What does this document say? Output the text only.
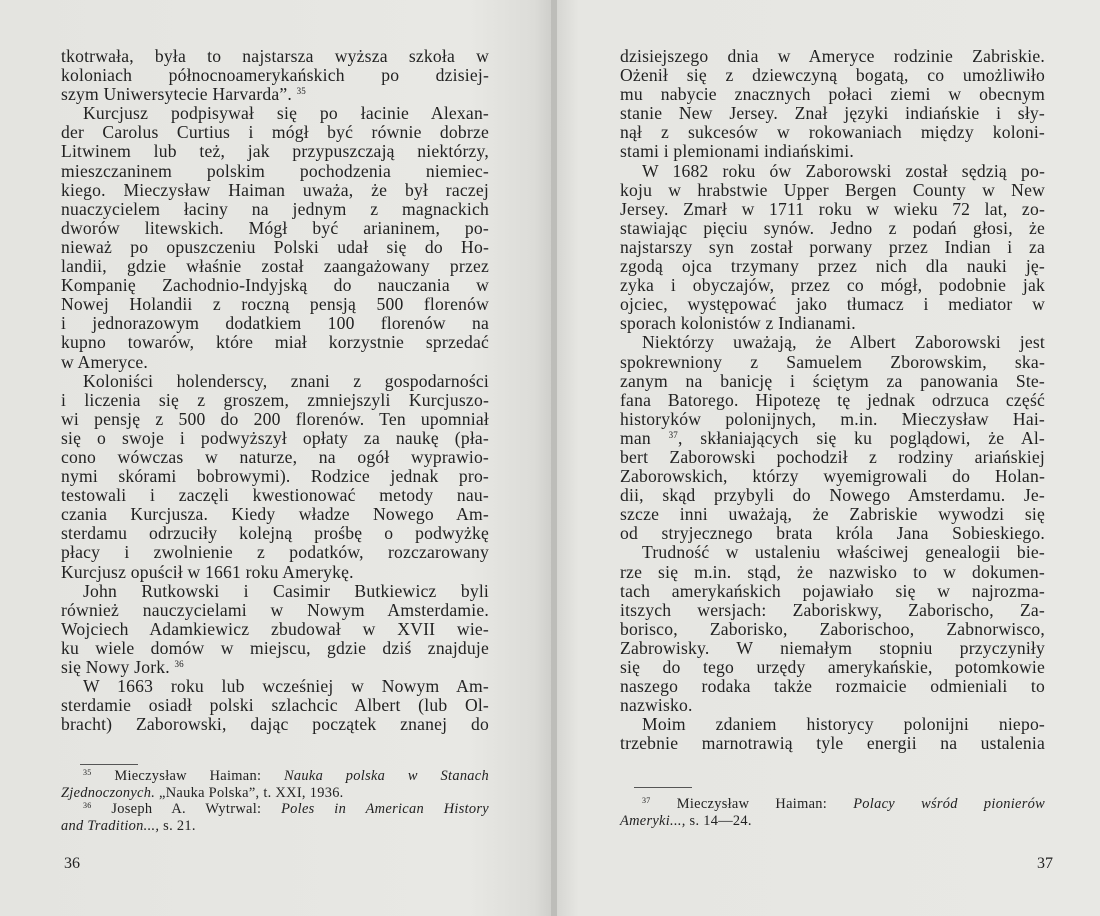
tkotrwała, była to najstarsza wyższa szkoła w
koloniach północnoamerykańskich po dzisiej-
szym Uniwersytecie Harvarda”. $^{35}$
Kurcjusz podpisywał się po łacinie Alexan-
der Carolus Curtius i mógł być równie dobrze
Litwinem lub też, jak przypuszczają niektórzy,
mieszczaninem polskim pochodzenia niemiec-
kiego. Mieczysław Haiman uważa, że był raczej
nuaczycielem łaciny na jednym z magnackich
dworów litewskich. Mógł być arianinem, po-
nieważ po opuszczeniu Polski udał się do Ho-
landii, gdzie właśnie został zaangażowany przez
Kompanię Zachodnio-Indyjską do nauczania w
Nowej Holandii z roczną pensją 500 florenów
i jednorazowym dodatkiem 100 florenów na
kupno towarów, które miał korzystnie sprzedać
w Ameryce.
Koloniści holenderscy, znani z gospodarności
i liczenia się z groszem, zmniejszyli Kurcjuszo-
wi pensję z 500 do 200 florenów. Ten upomniał
się o swoje i podwyższył opłaty za naukę (pła-
cono wówczas w naturze, na ogół wyprawio-
nymi skórami bobrowymi). Rodzice jednak pro-
testowali i zaczęli kwestionować metody nau-
czania Kurcjusza. Kiedy władze Nowego Am-
sterdamu odrzuciły kolejną prośbę o podwyżkę
płacy i zwolnienie z podatków, rozczarowany
Kurcjusz opuścił w 1661 roku Amerykę.
John Rutkowski i Casimir Butkiewicz byli
również nauczycielami w Nowym Amsterdamie.
Wojciech Adamkiewicz zbudował w XVII wie-
ku wiele domów w miejscu, gdzie dziś znajduje
się Nowy Jork. $^{36}$
W 1663 roku lub wcześniej w Nowym Am-
sterdamie osiadł polski szlachcic Albert (lub Ol-
bracht) Zaborowski, dając początek znanej do
$^{35}$ Mieczysław Haiman: Nauka polska w Stanach
Zjednoczonych. „Nauka Polska”, t. XXI, 1936.
$^{36}$ Joseph A. Wytrwal: Poles in American History
and Tradition..., s. 21.
36
dzisiejszego dnia w Ameryce rodzinie Zabriskie.
Ożenił się z dziewczyną bogatą, co umożliwiło
mu nabycie znacznych połaci ziemi w obecnym
stanie New Jersey. Znał języki indiańskie i sły-
nął z sukcesów w rokowaniach między koloni-
stami i plemionami indiańskimi.
W 1682 roku ów Zaborowski został sędzią po-
koju w hrabstwie Upper Bergen County w New
Jersey. Zmarł w 1711 roku w wieku 72 lat, zo-
stawiając pięciu synów. Jedno z podań głosi, że
najstarszy syn został porwany przez Indian i za
zgodą ojca trzymany przez nich dla nauki ję-
zyka i obyczajów, przez co mógł, podobnie jak
ojciec, występować jako tłumacz i mediator w
sporach kolonistów z Indianami.
Niektórzy uważają, że Albert Zaborowski jest
spokrewniony z Samuelem Zborowskim, ska-
zanym na banicję i ściętym za panowania Ste-
fana Batorego. Hipotezę tę jednak odrzuca część
historyków polonijnych, m.in. Mieczysław Hai-
man $^{37}$, skłaniających się ku poglądowi, że Al-
bert Zaborowski pochodził z rodziny ariańskiej
Zaborowskich, którzy wyemigrowali do Holan-
dii, skąd przybyli do Nowego Amsterdamu. Je-
szcze inni uważają, że Zabriskie wywodzi się
od stryjecznego brata króla Jana Sobieskiego.
Trudność w ustaleniu właściwej genealogii bie-
rze się m.in. stąd, że nazwisko to w dokumen-
tach amerykańskich pojawiało się w najrozma-
itszych wersjach: Zaboriskwy, Zaborischo, Za-
borisco, Zaborisko, Zaborischoo, Zabnorwisco,
Zabrowisky. W niemałym stopniu przyczyniły
się do tego urzędy amerykańskie, potomkowie
naszego rodaka także rozmaicie odmieniali to
nazwisko.
Moim zdaniem historycy polonijni niepo-
trzebnie marnotrawią tyle energii na ustalenia
$^{37}$ Mieczysław Haiman: Polacy wśród pionierów
Ameryki..., s. 14—24.
37
